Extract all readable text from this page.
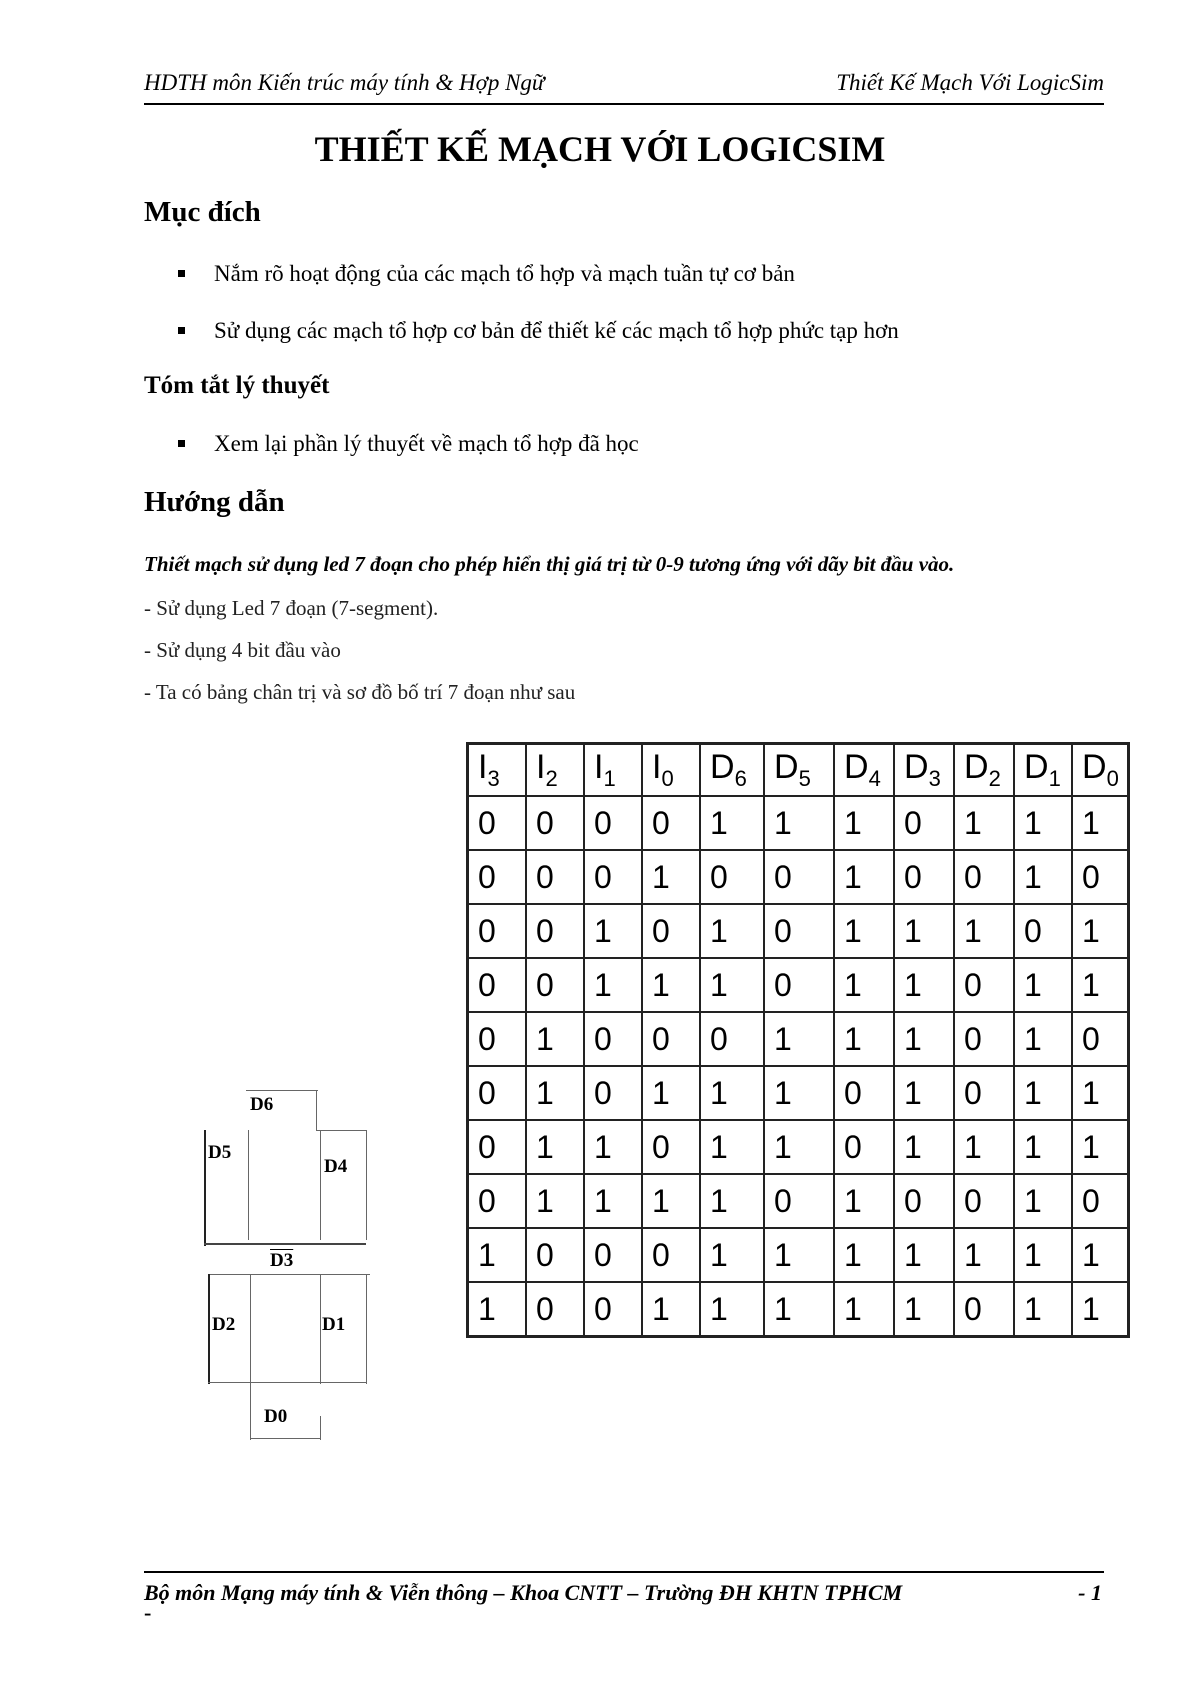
HDTH môn Kiến trúc máy tính & Hợp Ngữ	Thiết Kế Mạch Với LogicSim
THIẾT KẾ MẠCH VỚI LOGICSIM
Mục đích
Nắm rõ hoạt động của các mạch tổ hợp và mạch tuần tự cơ bản
Sử dụng các mạch tổ hợp cơ bản để thiết kế các mạch tổ hợp phức tạp hơn
Tóm tắt lý thuyết
Xem lại phần lý thuyết về mạch tổ hợp đã học
Hướng dẫn
Thiết mạch sử dụng led 7 đoạn cho phép hiển thị giá trị từ 0-9 tương ứng với dãy bit đầu vào.
- Sử dụng Led 7 đoạn (7-segment).
- Sử dụng 4 bit đầu vào
- Ta có bảng chân trị và sơ đồ bố trí 7 đoạn như sau
D6
D5
D4
D3
D2	D1
D0
$I_3$	$I_2$	$I_1$	$I_0$	$D_6$	$D_5$	$D_4$	$D_3$	$D_2$	$D_1$	$D_0$
0	0	0	0	1	1	1	0	1	1	1
0	0	0	1	0	0	1	0	0	1	0
0	0	1	0	1	0	1	1	1	0	1
0	0	1	1	1	0	1	1	0	1	1
0	1	0	0	0	1	1	1	0	1	0
0	1	0	1	1	1	0	1	0	1	1
0	1	1	0	1	1	0	1	1	1	1
0	1	1	1	1	0	1	0	0	1	0
1	0	0	0	1	1	1	1	1	1	1
1	0	0	1	1	1	1	1	0	1	1
Bộ môn Mạng máy tính & Viễn thông – Khoa CNTT – Trường ĐH KHTN TPHCM	- 1
-
